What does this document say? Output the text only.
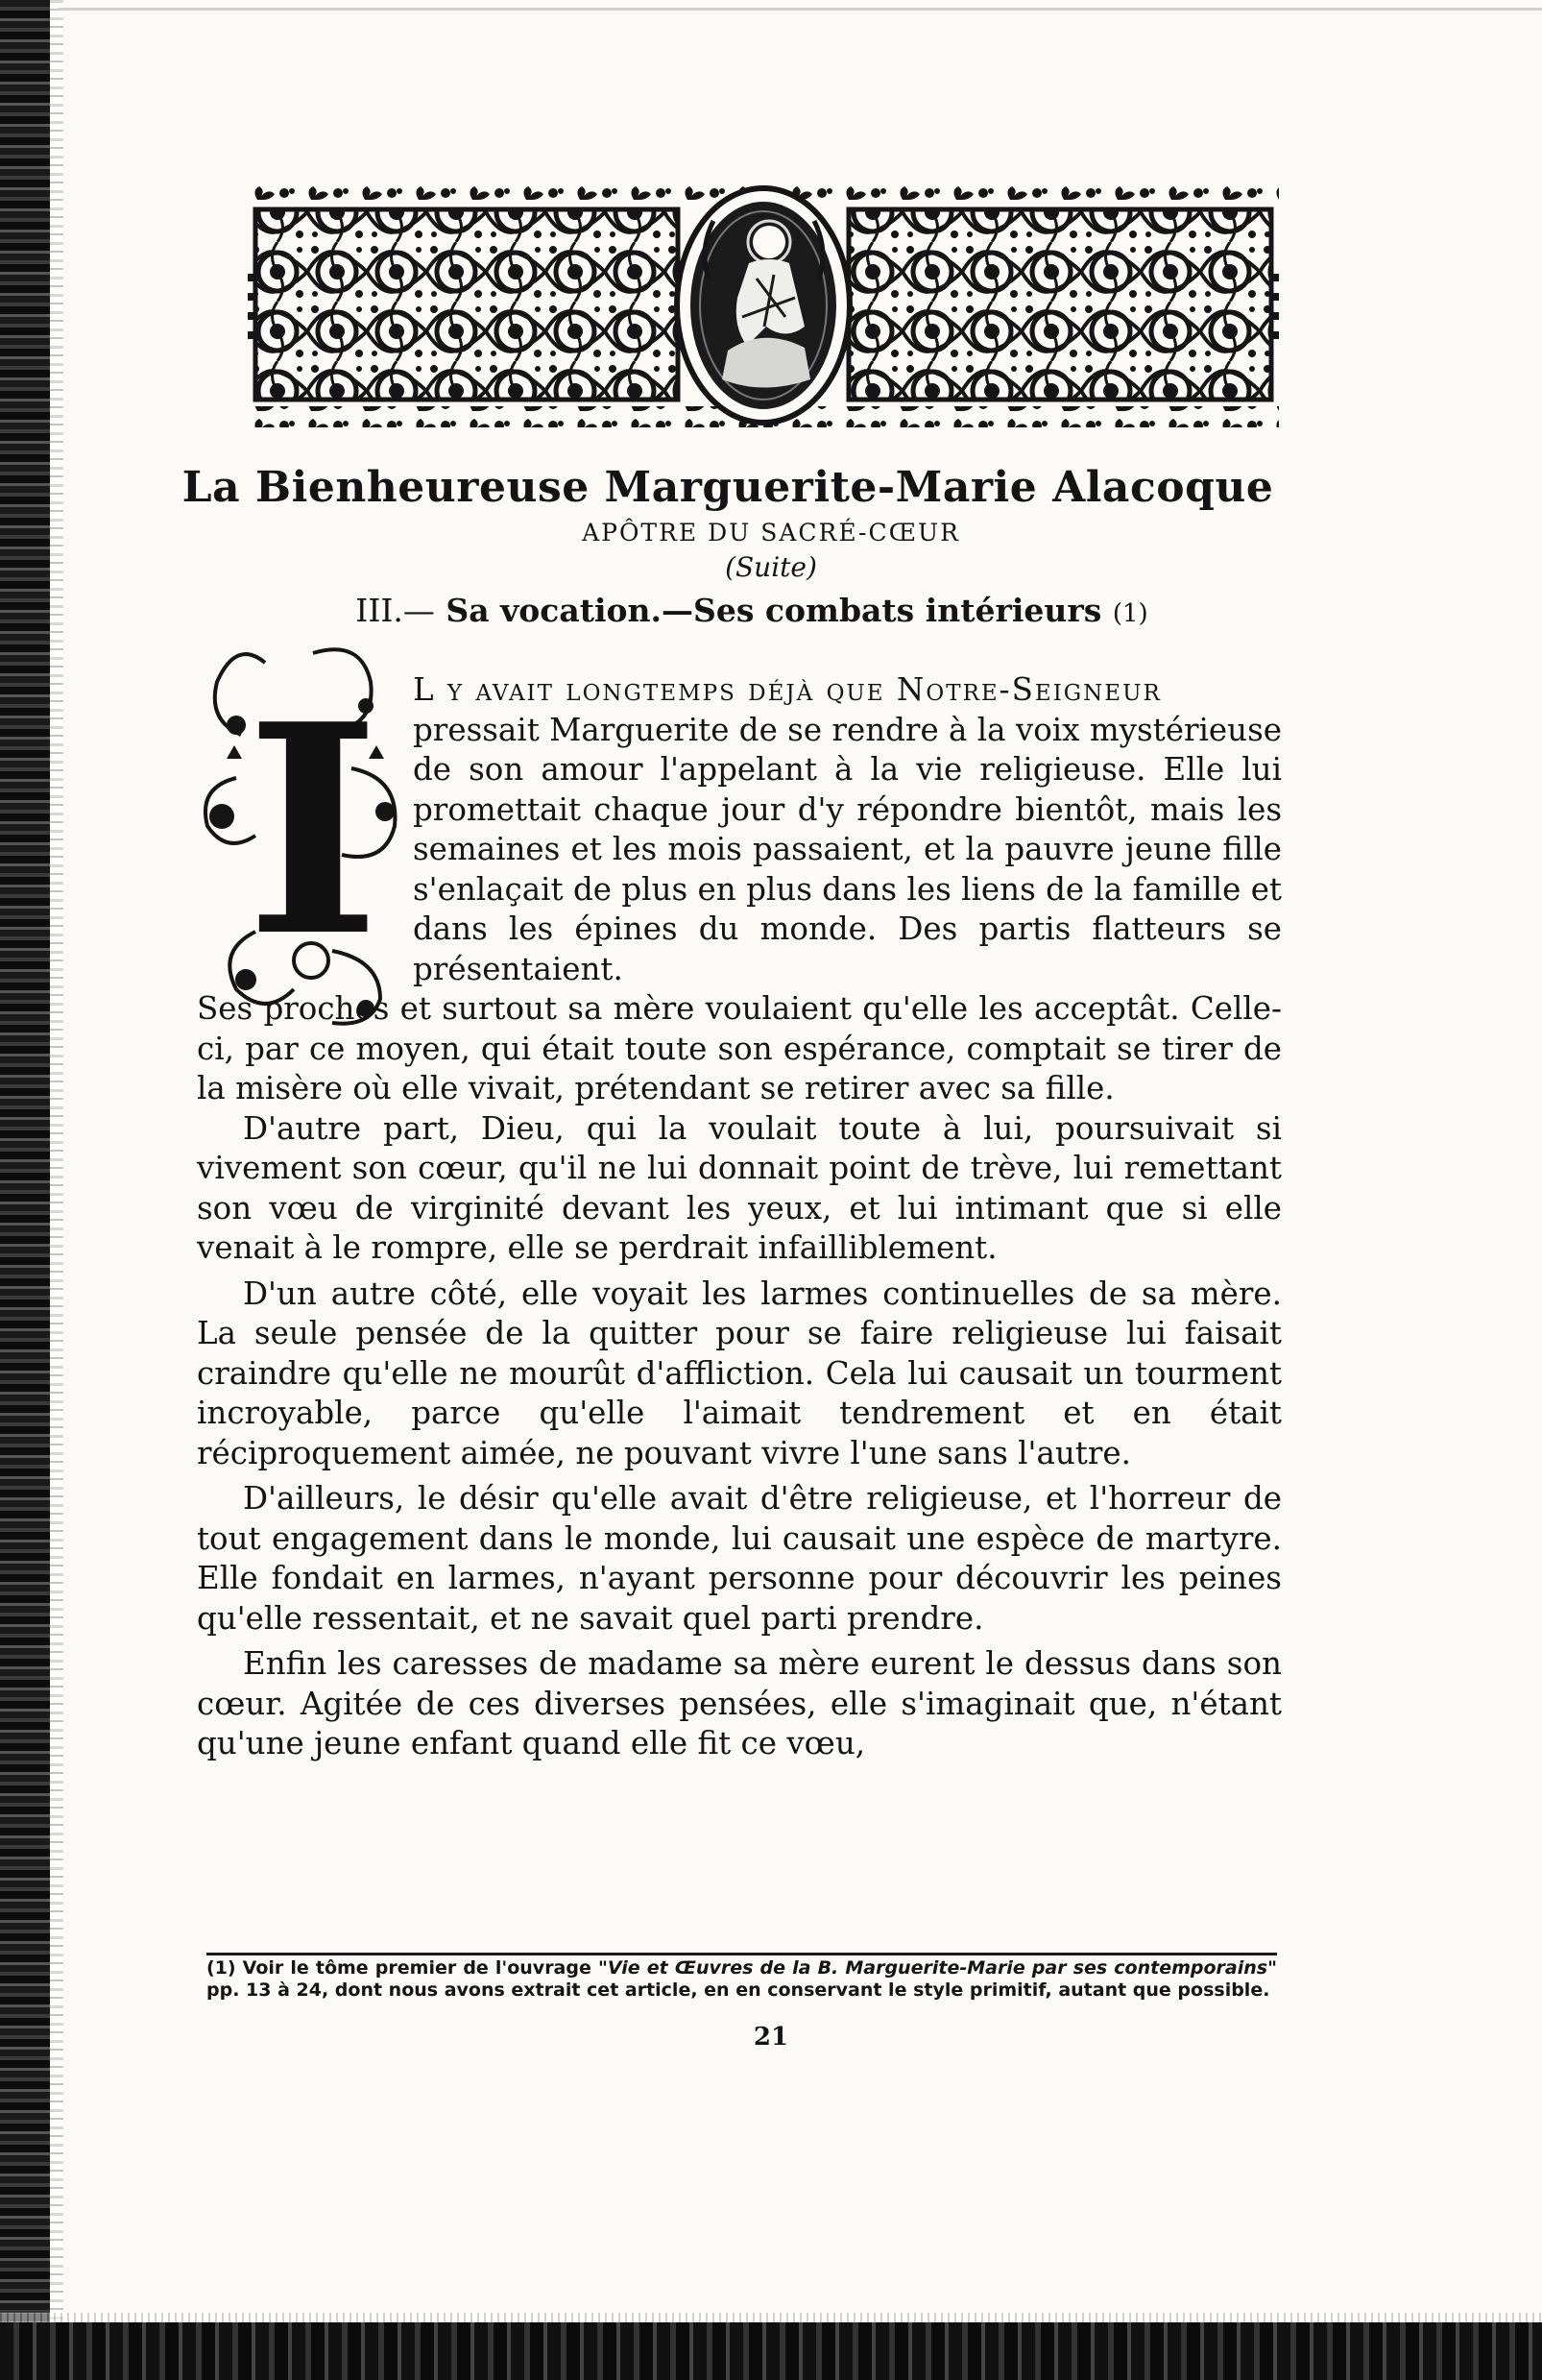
La Bienheureuse Marguerite-Marie Alacoque
APÔTRE DU SACRÉ-CŒUR
(Suite)
III.— Sa vocation.—Ses combats intérieurs (1)
I	L y avait longtemps déjà que Notre-Seigneur
pressait Marguerite de se rendre à la voix mystérieuse de son amour l'appelant à la vie religieuse. Elle lui promettait chaque jour d'y répondre bientôt, mais les semaines et les mois passaient, et la pauvre jeune fille s'enlaçait de plus en plus dans les liens de la famille et dans les épines du monde. Des partis flatteurs se présentaient.
Ses proches et surtout sa mère voulaient qu'elle les acceptât. Celle-ci, par ce moyen, qui était toute son espérance, comptait se tirer de la misère où elle vivait, prétendant se retirer avec sa fille.

D'autre part, Dieu, qui la voulait toute à lui, poursuivait si vivement son cœur, qu'il ne lui donnait point de trève, lui remettant son vœu de virginité devant les yeux, et lui intimant que si elle venait à le rompre, elle se perdrait infailliblement.

D'un autre côté, elle voyait les larmes continuelles de sa mère. La seule pensée de la quitter pour se faire religieuse lui faisait craindre qu'elle ne mourût d'affliction. Cela lui causait un tourment incroyable, parce qu'elle l'aimait tendrement et en était réciproquement aimée, ne pouvant vivre l'une sans l'autre.

D'ailleurs, le désir qu'elle avait d'être religieuse, et l'horreur de tout engagement dans le monde, lui causait une espèce de martyre. Elle fondait en larmes, n'ayant personne pour découvrir les peines qu'elle ressentait, et ne savait quel parti prendre.

Enfin les caresses de madame sa mère eurent le dessus dans son cœur. Agitée de ces diverses pensées, elle s'imaginait que, n'étant qu'une jeune enfant quand elle fit ce vœu,

(1) Voir le tôme premier de l'ouvrage "Vie et Œuvres de la B. Marguerite-Marie par ses contemporains" pp. 13 à 24, dont nous avons extrait cet article, en en conservant le style primitif, autant que possible.
21
